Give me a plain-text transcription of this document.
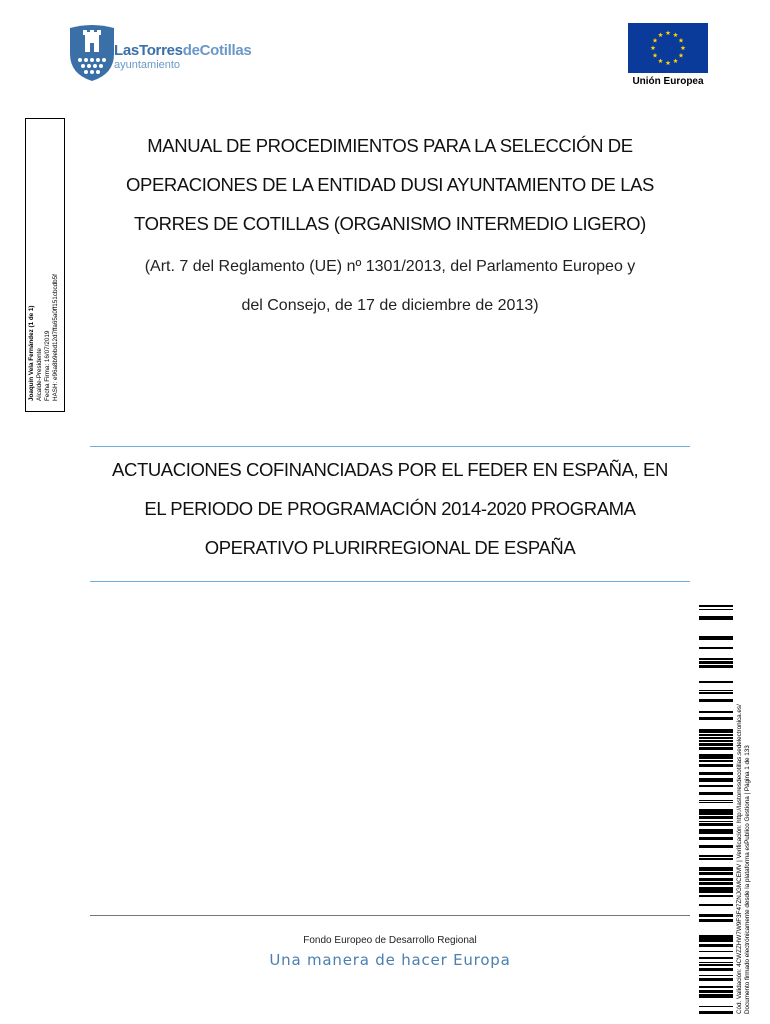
LasTorresdeCotillas
ayuntamiento
Unión Europea
Joaquín Vela Fernández (1 de 1) Alcalde-Presidente Fecha Firma: 16/07/2019 HASH: e96a8b9ebd12d7ffa65a0ff151cbcdb5f
MANUAL DE PROCEDIMIENTOS PARA LA SELECCIÓN DE
OPERACIONES DE LA ENTIDAD DUSI AYUNTAMIENTO DE LAS
TORRES DE COTILLAS (ORGANISMO INTERMEDIO LIGERO)
(Art. 7 del Reglamento (UE) nº 1301/2013, del Parlamento Europeo y
del Consejo, de 17 de diciembre de 2013)
ACTUACIONES COFINANCIADAS POR EL FEDER EN ESPAÑA, EN
EL PERIODO DE PROGRAMACIÓN 2014-2020 PROGRAMA
OPERATIVO PLURIRREGIONAL DE ESPAÑA
Fondo Europeo de Desarrollo Regional
Una manera de hacer Europa	Cód. Validación: 4CWZZHW7W9F3F47ZNJGMCEMV | Verificación: http://lastorresdecotillas.sedelectronica.es/ Documento firmado electrónicamente desde la plataforma esPublico Gestiona | Página 1 de 133
